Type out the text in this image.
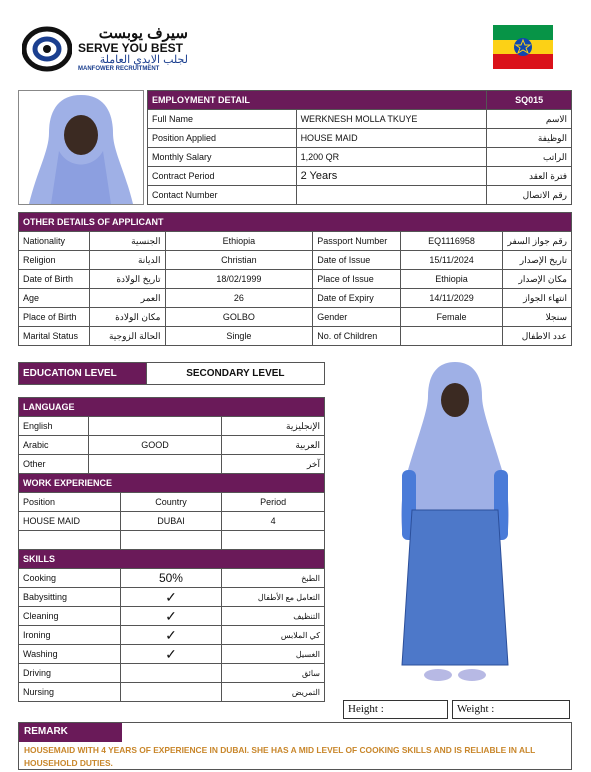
سيرف يوبست
SERVE YOU BEST
لجلب الايدي العاملة
MANFOWER RECRUITMENT
EMPLOYMENT DETAIL		SQ015
Full Name	WERKNESH MOLLA TKUYE	الاسم
Position Applied	HOUSE MAID	الوظيفة
Monthly Salary	1,200 QR	الراتب
Contract Period	2 Years	فترة العقد
Contact Number		رقم الاتصال
OTHER DETAILS OF APPLICANT					
Nationality	الجنسية	Ethiopia	Passport Number	EQ1116958	رقم جواز السفر
Religion	الديانة	Christian	Date of Issue	15/11/2024	تاريخ الإصدار
Date of Birth	تاريخ الولادة	18/02/1999	Place of Issue	Ethiopia	مكان الإصدار
Age	العمر	26	Date of Expiry	14/11/2029	انتهاء الجواز
Place of Birth	مكان الولادة	GOLBO	Gender	Female	سنجلا
Marital Status	الحالة الزوجية	Single	No. of Children		عدد الاطفال
EDUCATION LEVEL	SECONDARY LEVEL
LANGUAGE			
English			الإنجليزية
Arabic	GOOD		العربية
Other			آخر
WORK EXPERIENCE			
Position		Country	Period
HOUSE MAID		DUBAI	4

SKILLS			
Cooking		50%	الطبخ
Babysitting		✓	التعامل مع الأطفال
Cleaning		✓	التنظيف
Ironing		✓	كي الملابس
Washing		✓	الغسيل
Driving			سائق
Nursing			التمريض
Height :	Weight :
REMARK
HOUSEMAID WITH 4 YEARS OF EXPERIENCE IN DUBAI. SHE HAS A MID LEVEL OF COOKING SKILLS AND IS RELIABLE IN ALL HOUSEHOLD DUTIES.
